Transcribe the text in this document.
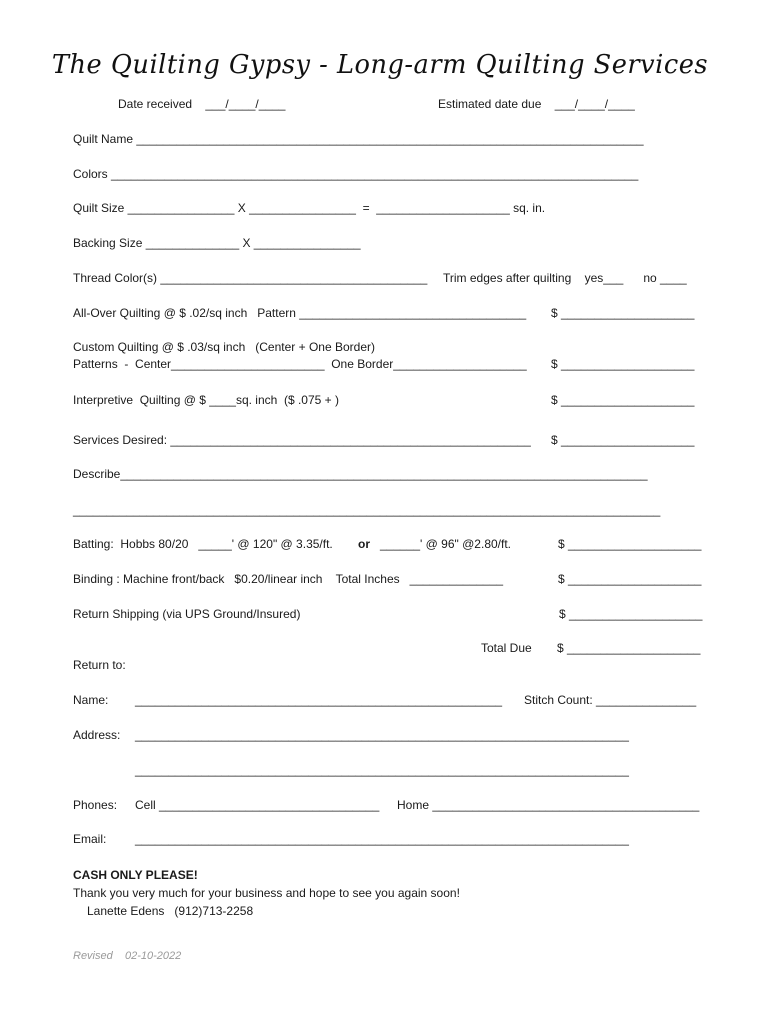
The Quilting Gypsy - Long-arm Quilting Services
Date received    ___/____/____	Estimated date due    ___/____/____
Quilt Name ____________________________________________________________________________
Colors _______________________________________________________________________________
Quilt Size ________________ X ________________  =  ____________________ sq. in.
Backing Size ______________ X ________________
Thread Color(s) ________________________________________ Trim edges after quilting    yes___      no ____
All-Over Quilting @ $ .02/sq inch   Pattern __________________________________ $ ____________________
Custom Quilting @ $ .03/sq inch   (Center + One Border)
Patterns  -  Center_______________________  One Border____________________ $ ____________________
Interpretive  Quilting @ $ ____sq. inch  ($ .075 + )	$ ____________________
Services Desired: ______________________________________________________ $ ____________________
Describe_______________________________________________________________________________
________________________________________________________________________________________
Batting:  Hobbs 80/20   _____' @ 120" @ 3.35/ft. or ______' @ 96" @2.80/ft.	$ ____________________
Binding : Machine front/back   $0.20/linear inch    Total Inches   ______________	$ ____________________
Return Shipping (via UPS Ground/Insured)	$ ____________________
Total Due $ ____________________
Return to:
Name: _______________________________________________________ Stitch Count: _______________
Address: __________________________________________________________________________
__________________________________________________________________________
Phones: Cell _________________________________ Home ________________________________________
Email: __________________________________________________________________________
CASH ONLY PLEASE!
Thank you very much for your business and hope to see you again soon!
Lanette Edens   (912)713-2258
Revised    02-10-2022
